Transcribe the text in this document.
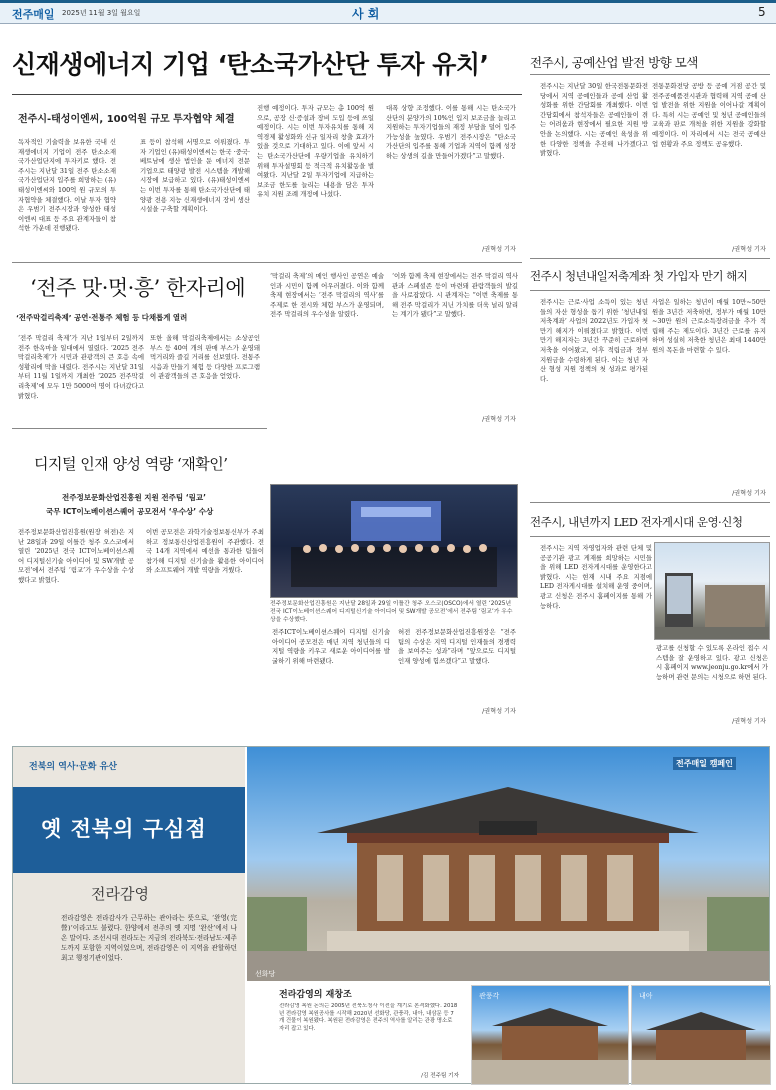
전주매일 2025년 11월 3일 월요일	사 회	5
신재생에너지 기업 ‘탄소국가산단 투자 유치’
전주시-태성이엔씨, 100억원 규모 투자협약 체결
독자적인 기술력을 보유한 국내 신재생에너지 기업이 전주 탄소소재 국가산업단지에 투자키로 했다. 전주시는 지난달 31일 전주 탄소소재 국가산업단지 입주를 희망하는 (유)태성이엔씨와 100억 원 규모의 투자협약을 체결했다. 이날 투자 협약은 우범기 전주시장과 양성한 태성이엔씨 대표 등 주요 관계자들이 참석한 가운데 진행됐다.
표 등이 참석해 서명으로 이뤄졌다. 투자 기업인 (유)태성이엔씨는 한국 ·중국·베트남에 생산 법인을 둔 에너지 전문 기업으로 태양광 발전 시스템을 개발해 시장에 보급하고 있다. (유)태성이엔씨는 이번 투자를 통해 탄소국가산단에 태양광 전용 지능 신재생에너지 장비 생산 시설을 구축할 계획이다.
진행 예정이다. 투자 규모는 총 100억 원으로, 공장 신·증설과 장비 도입 등에 쓰일 예정이다. 시는 이번 투자유치를 통해 지역경제 활성화와 신규 일자리 창출 효과가 있을 것으로 기대하고 있다. 이에 앞서 시는 탄소국가산단에 우량기업을 유치하기 위해 투자설명회 등 적극적 유치활동을 벌여왔다. 지난달 2일 투자기업에 지급하는 보조금 한도를 늘리는 내용을 담은 투자 유치 지원 조례 개정에 나섰다.
대폭 상향 조정했다. 이를 통해 시는 탄소국가산단의 분양가의 10%인 입지 보조금을 늘리고 지원하는 투자기업들의 재정 부담을 덜어 입주 가능성을 높였다. 우범기 전주시장은 “탄소국가산단의 입주를 통해 기업과 지역이 함께 성장하는 상생의 길을 만들어가겠다”고 말했다.
/권혁성 기자
전주시, 공예산업 발전 방향 모색
전주시는 지난달 30일 한국전통문화전당에서 지역 공예인들과 공예 산업 활성화를 위한 간담회를 개최했다. 이번 간담회에서 참석자들은 공예인들이 겪는 어려움과 현장에서 필요한 지원 방안을 논의했다. 시는 공예인 육성을 위한 다양한 정책을 추진해 나가겠다고 밝혔다.
전통문화전당 공방 등 공예 거점 공간 및 전주공예품전시관과 협력해 지역 공예 산업 발전을 위한 지원을 이어나갈 계획이다. 특히 시는 공예인 및 청년 공예인들의 교육과 판로 개척을 위한 지원을 강화할 예정이다. 이 자리에서 시는 전국 공예산업 현황과 주요 정책도 공유했다.
/권혁성 기자
전주시 청년내일저축계좌 첫 가입자 만기 해지
전주시는 근로·사업 소득이 있는 청년들의 자산 형성을 돕기 위한 ‘청년내일저축계좌’ 사업의 2022년도 가입자 첫 만기 해지가 이뤄졌다고 밝혔다. 이번 만기 해지자는 3년간 꾸준히 근로하며 저축을 이어왔고, 이후 적립금과 정부 지원금을 수령하게 된다. 이는 청년 자산 형성 지원 정책의 첫 성과로 평가된다.
사업은 일하는 청년이 매월 10만~50만 원을 3년간 저축하면, 정부가 매월 10만~30만 원의 근로소득장려금을 추가 적립해 주는 제도이다. 3년간 근로를 유지하며 성실히 저축한 청년은 최대 1440만 원의 목돈을 마련할 수 있다.
/권혁성 기자
‘전주 맛·멋·흥’ 한자리에
‘전주막걸리축제’ 공연·전통주 체험 등 다채롭게 열려
‘전주 막걸리 축제’가 지난 1일부터 2일까지 전주 한옥마을 일대에서 열렸다. ‘2025 전주막걸리축제’가 시민과 관광객의 큰 호응 속에 성황리에 막을 내렸다. 전주시는 지난달 31일부터 11월 1일까지 개최한 ‘2025 전주막걸리축제’에 모두 1만 5000여 명이 다녀갔다고 밝혔다.
또한 올해 막걸리축제에서는 소상공인 부스 등 40여 개의 판매 부스가 운영돼 먹거리와 즐길 거리를 선보였다. 전통주 시음과 만들기 체험 등 다양한 프로그램이 관광객들의 큰 호응을 얻었다.
‘막걸리 축제’의 메인 행사인 공연은 예술인과 시민이 함께 어우러졌다. 이와 함께 축제 현장에서는 ‘전주 막걸리의 역사’를 주제로 한 전시와 체험 부스가 운영되며, 전주 막걸리의 우수성을 알렸다.
‘이와 함께 축제 현장에서는 전주 막걸리 역사관과 스페셜존 등이 마련돼 관람객들의 발길을 사로잡았다. 시 관계자는 “이번 축제를 통해 전주 막걸리가 지닌 가치를 더욱 널리 알리는 계기가 됐다”고 말했다.
/권혁성 기자
디지털 인재 양성 역량 ‘재확인’
전주정보문화산업진흥원 지원 전주팀 ‘림교’
국무 ICT이노베이션스퀘어 공모전서 ‘우수상’ 수상
전주정보문화산업진흥원(원장 허전)은 지난 28일과 29일 이틀간 청주 오스코에서 열린 ‘2025년 전국 ICT이노베이션스퀘어 디지털신기술 아이디어 및 SW개발 공모전’에서 전주팀 ‘림교’가 우수상을 수상했다고 밝혔다.
이번 공모전은 과학기술정보통신부가 주최하고 정보통신산업진흥원이 주관했다. 전국 14개 지역에서 예선을 통과한 팀들이 참가해 디지털 신기술을 활용한 아이디어와 소프트웨어 개발 역량을 겨뤘다.
전주정보문화산업진흥원은 지난달 28일과 29일 이틀간 청주 오스코(OSCO)에서 열린 ‘2025년 전국 ICT이노베이션스퀘어 디지털신기술 아이디어 및 SW개발 공모전’에서 전주팀 ‘림교’가 우수상을 수상했다.
전주ICT이노베이션스퀘어 디지털 신기술 아이디어 공모전은 매년 지역 청년들의 디지털 역량을 키우고 새로운 아이디어를 발굴하기 위해 마련됐다.
허전 전주정보문화산업진흥원장은 “전주팀의 수상은 지역 디지털 인재들의 경쟁력을 보여주는 성과”라며 “앞으로도 디지털 인재 양성에 힘쓰겠다”고 말했다.
/권혁성 기자
전주시, 내년까지 LED 전자게시대 운영·신청
전주시는 지역 자영업자와 관련 단체 및 공공기관 광고 게재를 희망하는 시민들을 위해 LED 전자게시대를 운영한다고 밝혔다. 시는 현재 시내 주요 지점에 LED 전자게시대를 설치해 운영 중이며, 광고 신청은 전주시 홈페이지를 통해 가능하다.
광고를 신청할 수 있도록 온라인 접수 시스템을 잘 운영하고 있다. 광고 신청은 시 홈페이지 www.jeonju.go.kr에서 가능하며 관련 문의는 시청으로 하면 된다.
/권혁성 기자
전북의 역사·문화 유산
옛 전북의 구심점
전라감영
전라감영은 전라감사가 근무하는 관아라는 뜻으로, ‘완영(完營)’이라고도 불렸다. 한양에서 전주의 옛 지명 ‘완산’에서 나온 말이다. 조선시대 전라도는 지금의 전라북도·전라남도·제주도까지 포함한 지역이었으며, 전라감영은 이 지역을 관할하던 최고 행정기관이었다.
전주매일 캠페인
선화당
전라감영의 재창조
전라감영 복원 논의는 2005년 전북도청사 이전을 계기로 본격화했다. 2018년 전라감영 복원공사를 시작해 2020년 선화당, 관풍각, 내아, 내삼문 등 7개 건물이 복원됐다. 복원된 전라감영은 전주의 역사를 알리는 관광 명소로 자리 잡고 있다.
/김 전주팀 기자
관풍각	내아
